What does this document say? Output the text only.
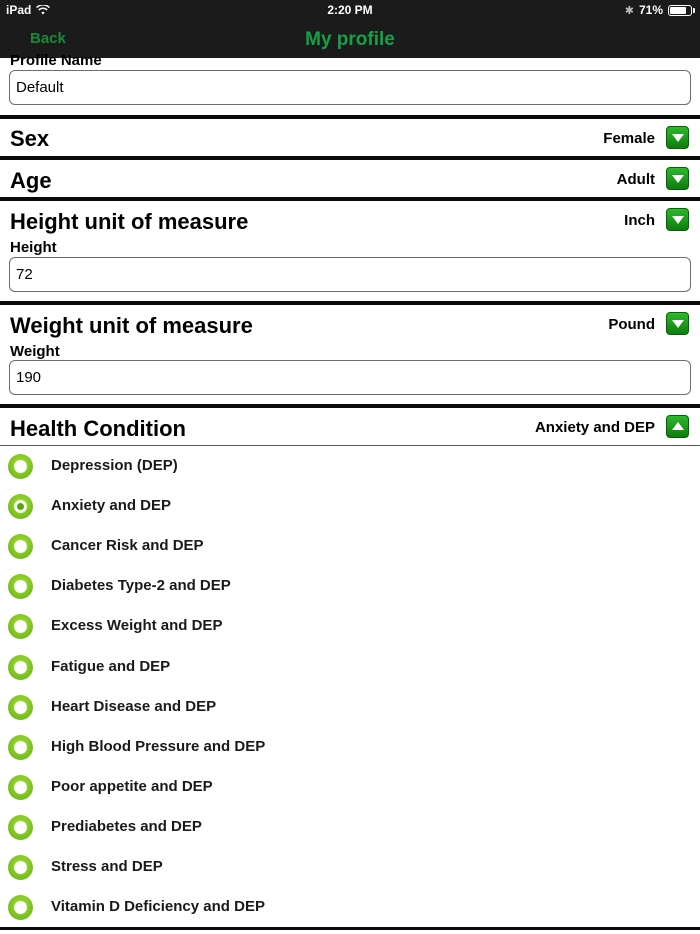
iPad	2:20 PM	✱ 71%
Back	My profile
Profile Name
Default
Sex	Female
Age	Adult
Height unit of measure	Inch
Height
72
Weight unit of measure	Pound
Weight
190
Health Condition	Anxiety and DEP
Depression (DEP)
Anxiety and DEP
Cancer Risk and DEP
Diabetes Type-2 and DEP
Excess Weight and DEP
Fatigue and DEP
Heart Disease and DEP
High Blood Pressure and DEP
Poor appetite and DEP
Prediabetes and DEP
Stress and DEP
Vitamin D Deficiency and DEP
